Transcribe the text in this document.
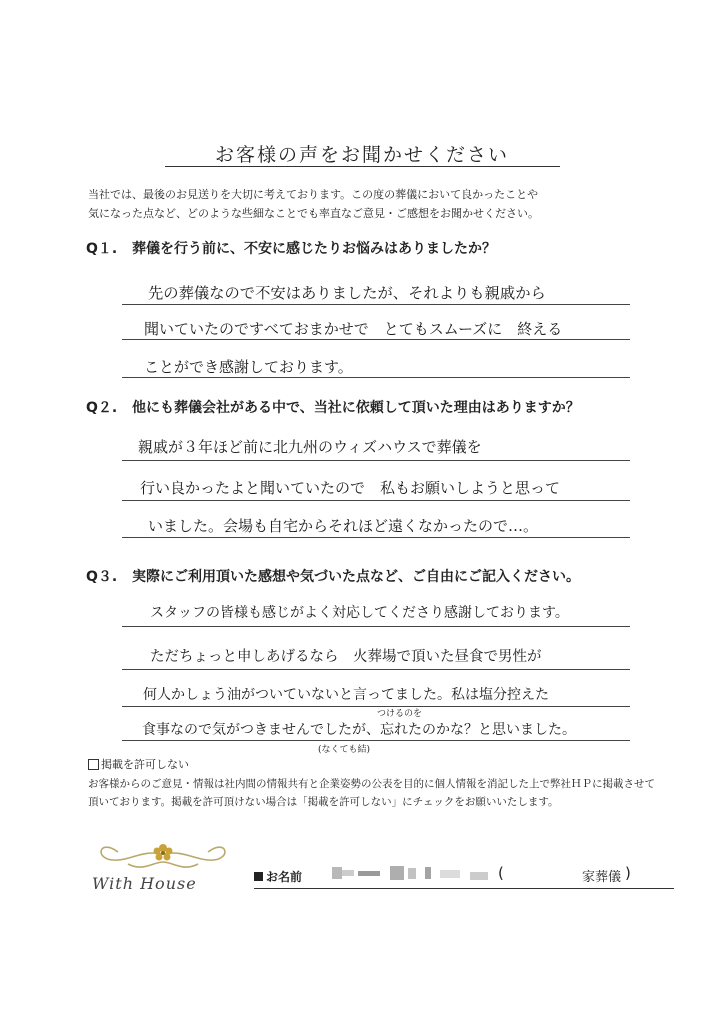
お客様の声をお聞かせください
当社では、最後のお見送りを大切に考えております。この度の葬儀において良かったことや
気になった点など、どのような些細なことでも率直なご意見・ご感想をお聞かせください。
Q１. 葬儀を行う前に、不安に感じたりお悩みはありましたか？
先の葬儀なので不安はありましたが、それよりも親戚から
聞いていたのですべておまかせで　とてもスムーズに　終える
ことができ感謝しております。
Q２. 他にも葬儀会社がある中で、当社に依頼して頂いた理由はありますか？
親戚が３年ほど前に北九州のウィズハウスで葬儀を
行い良かったよと聞いていたので　私もお願いしようと思って
いました。会場も自宅からそれほど遠くなかったので…。
Q３. 実際にご利用頂いた感想や気づいた点など、ご自由にご記入ください。
スタッフの皆様も感じがよく対応してくださり感謝しております。
ただちょっと申しあげるなら　火葬場で頂いた昼食で男性が
何人かしょう油がついていないと言ってました。私は塩分控えた
つけるのを
食事なので気がつきませんでしたが、忘れたのかな？と思いました。
(なくても結)
掲載を許可しない
お客様からのご意見・情報は社内間の情報共有と企業姿勢の公表を目的に個人情報を消記した上で弊社ＨＰに掲載させて
頂いております。掲載を許可頂けない場合は「掲載を許可しない」にチェックをお願いいたします。
With House	お名前	(	家葬儀 )
